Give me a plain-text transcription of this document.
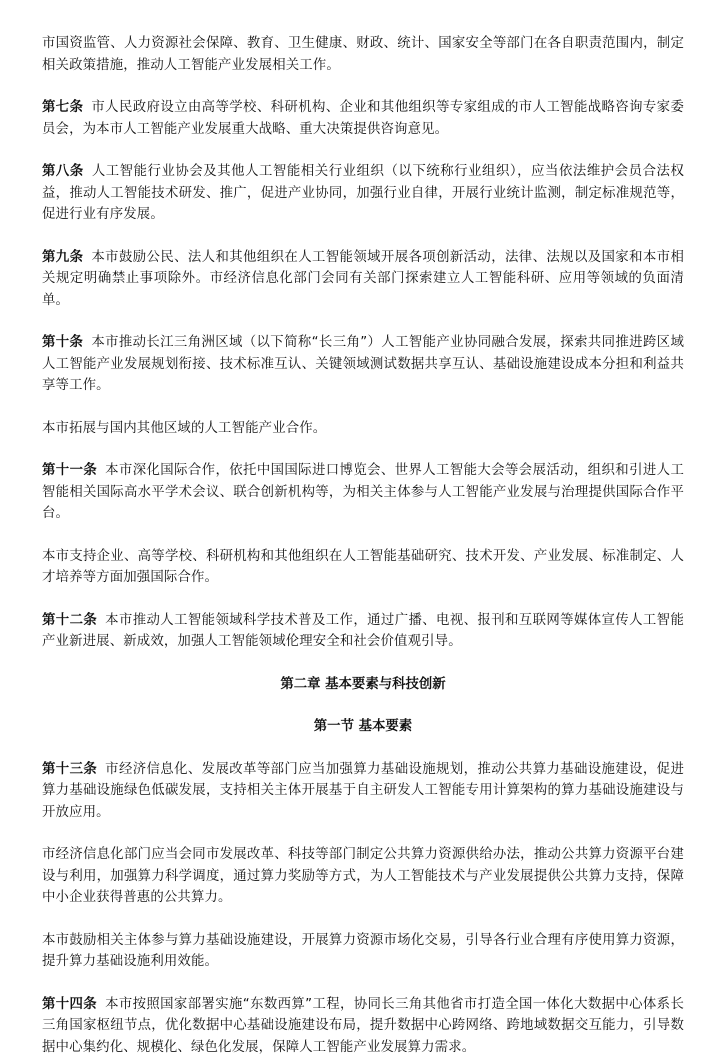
市国资监管、人力资源社会保障、教育、卫生健康、财政、统计、国家安全等部门在各自职责范围内，制定相关政策措施，推动人工智能产业发展相关工作。

第七条 市人民政府设立由高等学校、科研机构、企业和其他组织等专家组成的市人工智能战略咨询专家委员会，为本市人工智能产业发展重大战略、重大决策提供咨询意见。

第八条 人工智能行业协会及其他人工智能相关行业组织（以下统称行业组织），应当依法维护会员合法权益，推动人工智能技术研发、推广，促进产业协同，加强行业自律，开展行业统计监测，制定标准规范等，促进行业有序发展。

第九条 本市鼓励公民、法人和其他组织在人工智能领域开展各项创新活动，法律、法规以及国家和本市相关规定明确禁止事项除外。市经济信息化部门会同有关部门探索建立人工智能科研、应用等领域的负面清单。

第十条 本市推动长江三角洲区域（以下简称“长三角”）人工智能产业协同融合发展，探索共同推进跨区域人工智能产业发展规划衔接、技术标准互认、关键领域测试数据共享互认、基础设施建设成本分担和利益共享等工作。

本市拓展与国内其他区域的人工智能产业合作。

第十一条 本市深化国际合作，依托中国国际进口博览会、世界人工智能大会等会展活动，组织和引进人工智能相关国际高水平学术会议、联合创新机构等，为相关主体参与人工智能产业发展与治理提供国际合作平台。

本市支持企业、高等学校、科研机构和其他组织在人工智能基础研究、技术开发、产业发展、标准制定、人才培养等方面加强国际合作。

第十二条 本市推动人工智能领域科学技术普及工作，通过广播、电视、报刊和互联网等媒体宣传人工智能产业新进展、新成效，加强人工智能领域伦理安全和社会价值观引导。

第二章 基本要素与科技创新
第一节 基本要素

第十三条 市经济信息化、发展改革等部门应当加强算力基础设施规划，推动公共算力基础设施建设，促进算力基础设施绿色低碳发展，支持相关主体开展基于自主研发人工智能专用计算架构的算力基础设施建设与开放应用。

市经济信息化部门应当会同市发展改革、科技等部门制定公共算力资源供给办法，推动公共算力资源平台建设与利用，加强算力科学调度，通过算力奖励等方式，为人工智能技术与产业发展提供公共算力支持，保障中小企业获得普惠的公共算力。

本市鼓励相关主体参与算力基础设施建设，开展算力资源市场化交易，引导各行业合理有序使用算力资源，提升算力基础设施利用效能。

第十四条 本市按照国家部署实施“东数西算”工程，协同长三角其他省市打造全国一体化大数据中心体系长三角国家枢纽节点，优化数据中心基础设施建设布局，提升数据中心跨网络、跨地域数据交互能力，引导数据中心集约化、规模化、绿色化发展，保障人工智能产业发展算力需求。
